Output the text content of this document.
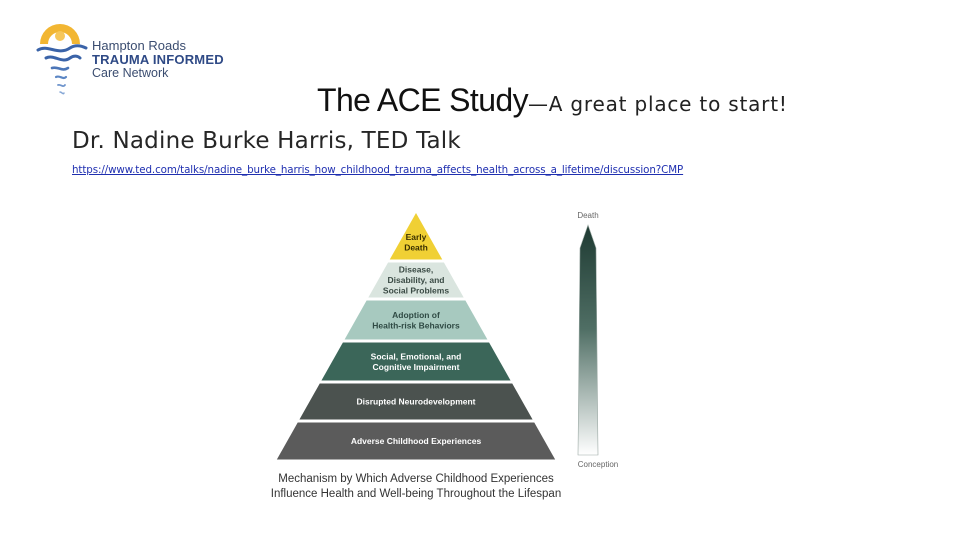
Hampton Roads
TRAUMA INFORMED
Care Network
The ACE Study—A great place to start!
Dr. Nadine Burke Harris, TED Talk
https://www.ted.com/talks/nadine_burke_harris_how_childhood_trauma_affects_health_across_a_lifetime/discussion?CMP
Early
Death
Disease,
Disability, and
Social Problems
Adoption of
Health-risk Behaviors
Social, Emotional, and
Cognitive Impairment
Disrupted Neurodevelopment
Adverse Childhood Experiences
Death
Conception
Mechanism by Which Adverse Childhood Experiences
Influence Health and Well-being Throughout the Lifespan
